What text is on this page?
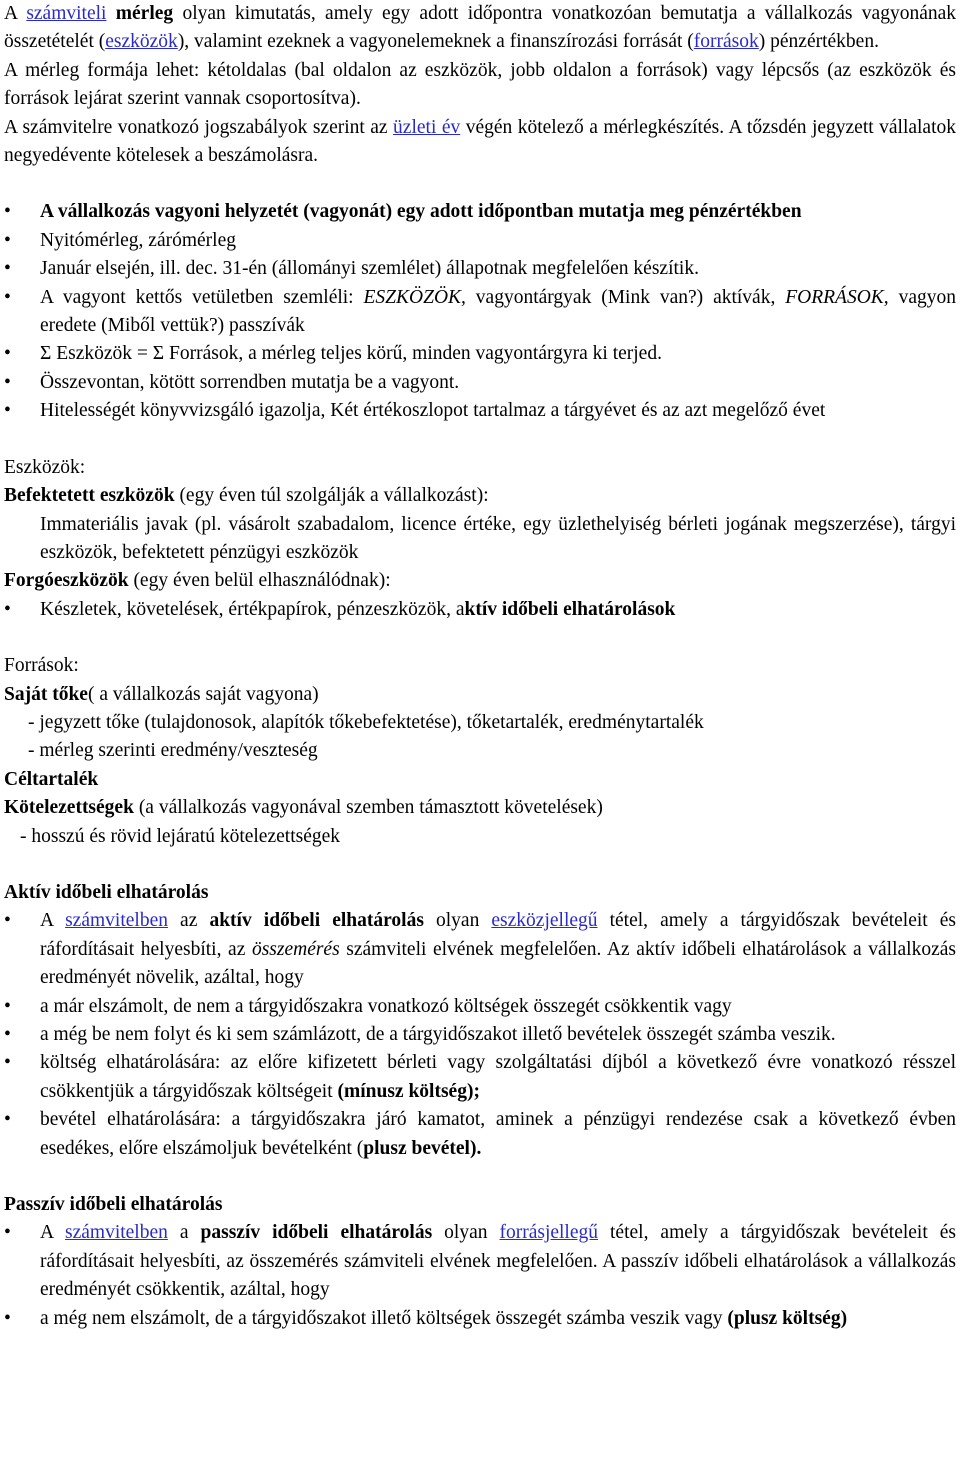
A számviteli mérleg olyan kimutatás, amely egy adott időpontra vonatkozóan bemutatja a vállalkozás vagyonának összetételét (eszközök), valamint ezeknek a vagyonelemeknek a finanszírozási forrását (források) pénzértékben.

A mérleg formája lehet: kétoldalas (bal oldalon az eszközök, jobb oldalon a források) vagy lépcsős (az eszközök és források lejárat szerint vannak csoportosítva).

A számvitelre vonatkozó jogszabályok szerint az üzleti év végén kötelező a mérlegkészítés. A tőzsdén jegyzett vállalatok negyedévente kötelesek a beszámolásra.

• A vállalkozás vagyoni helyzetét (vagyonát) egy adott időpontban mutatja meg pénzértékben
• Nyitómérleg, zárómérleg
• Január elsején, ill. dec. 31-én (állományi szemlélet) állapotnak megfelelően készítik.
• A vagyont kettős vetületben szemléli: ESZKÖZÖK, vagyontárgyak (Mink van?) aktívák, FORRÁSOK, vagyon eredete (Miből vettük?) passzívák
• Σ Eszközök = Σ Források, a mérleg teljes körű, minden vagyontárgyra ki terjed.
• Összevontan, kötött sorrendben mutatja be a vagyont.
• Hitelességét könyvvizsgáló igazolja, Két értékoszlopot tartalmaz a tárgyévet és az azt megelőző évet

Eszközök:

Befektetett eszközök (egy éven túl szolgálják a vállalkozást):

Immateriális javak (pl. vásárolt szabadalom, licence értéke, egy üzlethelyiség bérleti jogának megszerzése), tárgyi eszközök, befektetett pénzügyi eszközök

Forgóeszközök (egy éven belül elhasználódnak):

• Készletek, követelések, értékpapírok, pénzeszközök, aktív időbeli elhatárolások

Források:

Saját tőke( a vállalkozás saját vagyona)

- jegyzett tőke (tulajdonosok, alapítók tőkebefektetése), tőketartalék, eredménytartalék

- mérleg szerinti eredmény/veszteség

Céltartalék

Kötelezettségek (a vállalkozás vagyonával szemben támasztott követelések)

- hosszú és rövid lejáratú kötelezettségek

Aktív időbeli elhatárolás

• A számvitelben az aktív időbeli elhatárolás olyan eszközjellegű tétel, amely a tárgyidőszak bevételeit és ráfordításait helyesbíti, az összemérés számviteli elvének megfelelően. Az aktív időbeli elhatárolások a vállalkozás eredményét növelik, azáltal, hogy
• a már elszámolt, de nem a tárgyidőszakra vonatkozó költségek összegét csökkentik vagy
• a még be nem folyt és ki sem számlázott, de a tárgyidőszakot illető bevételek összegét számba veszik.
• költség elhatárolására: az előre kifizetett bérleti vagy szolgáltatási díjból a következő évre vonatkozó résszel csökkentjük a tárgyidőszak költségeit (mínusz költség);
• bevétel elhatárolására: a tárgyidőszakra járó kamatot, aminek a pénzügyi rendezése csak a következő évben esedékes, előre elszámoljuk bevételként (plusz bevétel).

Passzív időbeli elhatárolás

• A számvitelben a passzív időbeli elhatárolás olyan forrásjellegű tétel, amely a tárgyidőszak bevételeit és ráfordításait helyesbíti, az összemérés számviteli elvének megfelelően. A passzív időbeli elhatárolások a vállalkozás eredményét csökkentik, azáltal, hogy
• a még nem elszámolt, de a tárgyidőszakot illető költségek összegét számba veszik vagy (plusz költség)
